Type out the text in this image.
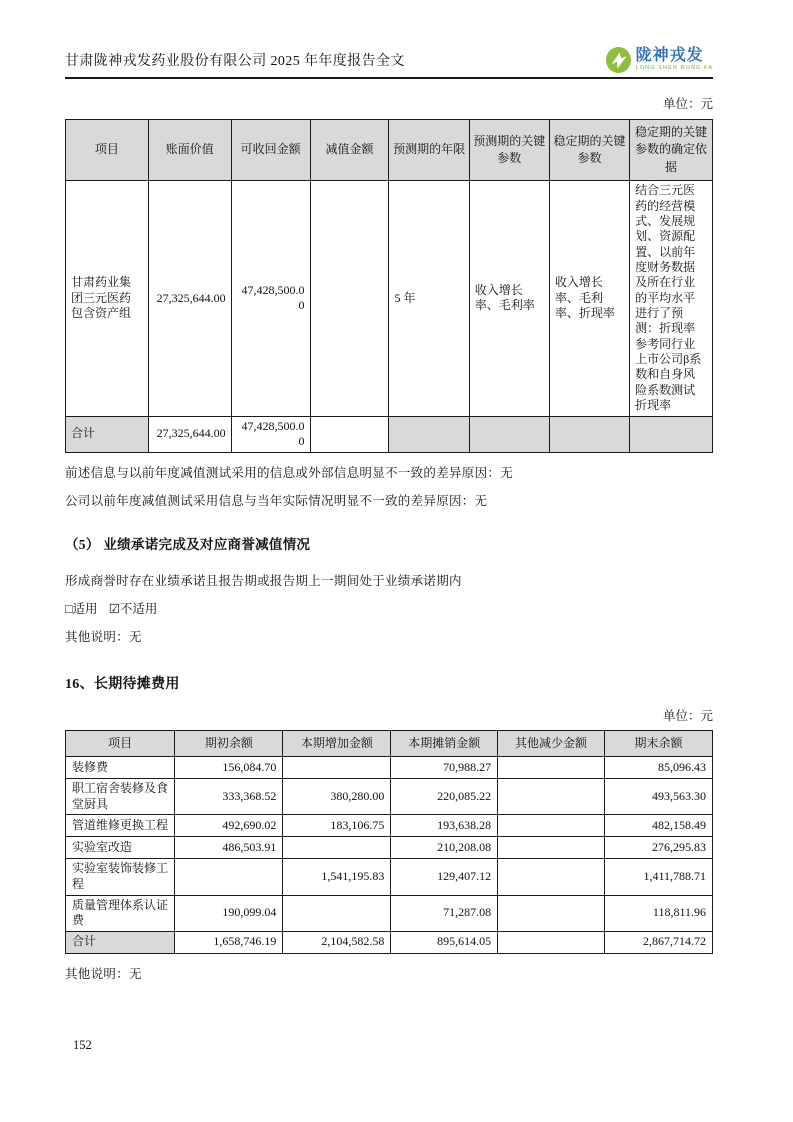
甘肃陇神戎发药业股份有限公司 2025 年年度报告全文	陇神戎发
LONG SHEN RONG FA
单位：元
项目	账面价值	可收回金额	减值金额	预测期的年限	预测期的关键参数	稳定期的关键参数	稳定期的关键参数的确定依据
甘肃药业集团三元医药包含资产组	27,325,644.00	47,428,500.00		5 年	收入增长率、毛利率	收入增长率、毛利率、折现率	结合三元医药的经营模式、发展规划、资源配置、以前年度财务数据及所在行业的平均水平进行了预测：折现率参考同行业上市公司β系数和自身风险系数测试折现率
合计	27,325,644.00	47,428,500.00					
前述信息与以前年度减值测试采用的信息或外部信息明显不一致的差异原因：无
公司以前年度减值测试采用信息与当年实际情况明显不一致的差异原因：无
（5） 业绩承诺完成及对应商誉减值情况
形成商誉时存在业绩承诺且报告期或报告期上一期间处于业绩承诺期内
□适用 ☑不适用
其他说明：无
16、长期待摊费用
单位：元
项目	期初余额	本期增加金额	本期摊销金额	其他减少金额	期末余额
装修费	156,084.70		70,988.27		85,096.43
职工宿舍装修及食堂厨具	333,368.52	380,280.00	220,085.22		493,563.30
管道维修更换工程	492,690.02	183,106.75	193,638.28		482,158.49
实验室改造	486,503.91		210,208.08		276,295.83
实验室装饰装修工程		1,541,195.83	129,407.12		1,411,788.71
质量管理体系认证费	190,099.04		71,287.08		118,811.96
合计	1,658,746.19	2,104,582.58	895,614.05		2,867,714.72
其他说明：无
152
